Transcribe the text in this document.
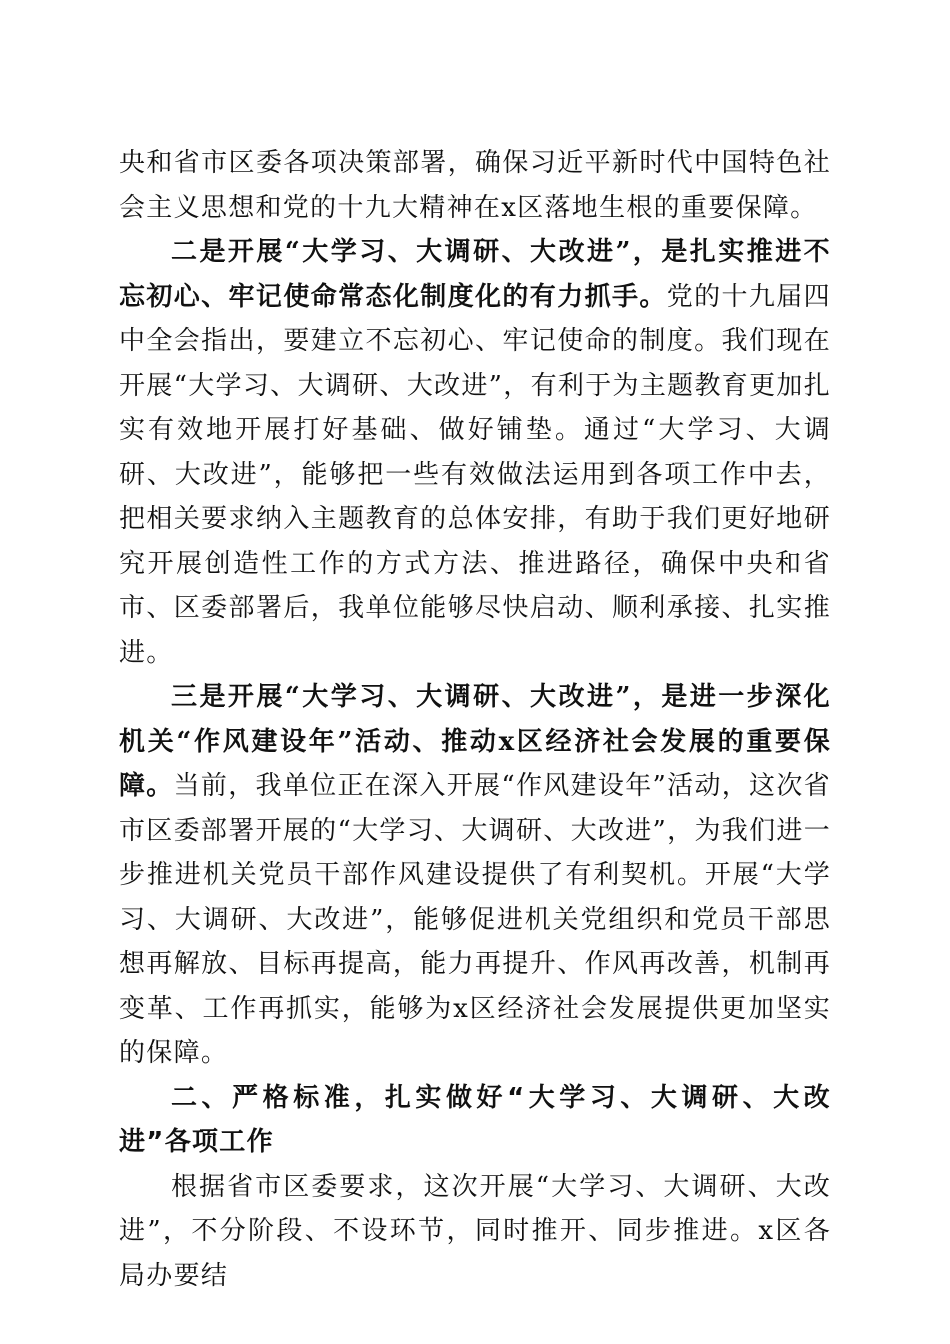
央和省市区委各项决策部署，确保习近平新时代中国特色社会主义思想和党的十九大精神在x区落地生根的重要保障。

二是开展“大学习、大调研、大改进”，是扎实推进不忘初心、牢记使命常态化制度化的有力抓手。党的十九届四中全会指出，要建立不忘初心、牢记使命的制度。我们现在开展“大学习、大调研、大改进”，有利于为主题教育更加扎实有效地开展打好基础、做好铺垫。通过“大学习、大调研、大改进”，能够把一些有效做法运用到各项工作中去，把相关要求纳入主题教育的总体安排，有助于我们更好地研究开展创造性工作的方式方法、推进路径，确保中央和省市、区委部署后，我单位能够尽快启动、顺利承接、扎实推进。

三是开展“大学习、大调研、大改进”，是进一步深化机关“作风建设年”活动、推动x区经济社会发展的重要保障。当前，我单位正在深入开展“作风建设年”活动，这次省市区委部署开展的“大学习、大调研、大改进”，为我们进一步推进机关党员干部作风建设提供了有利契机。开展“大学习、大调研、大改进”，能够促进机关党组织和党员干部思想再解放、目标再提高，能力再提升、作风再改善，机制再变革、工作再抓实，能够为x区经济社会发展提供更加坚实的保障。

二、严格标准，扎实做好“大学习、大调研、大改进”各项工作

根据省市区委要求，这次开展“大学习、大调研、大改进”，不分阶段、不设环节，同时推开、同步推进。x区各局办要结
